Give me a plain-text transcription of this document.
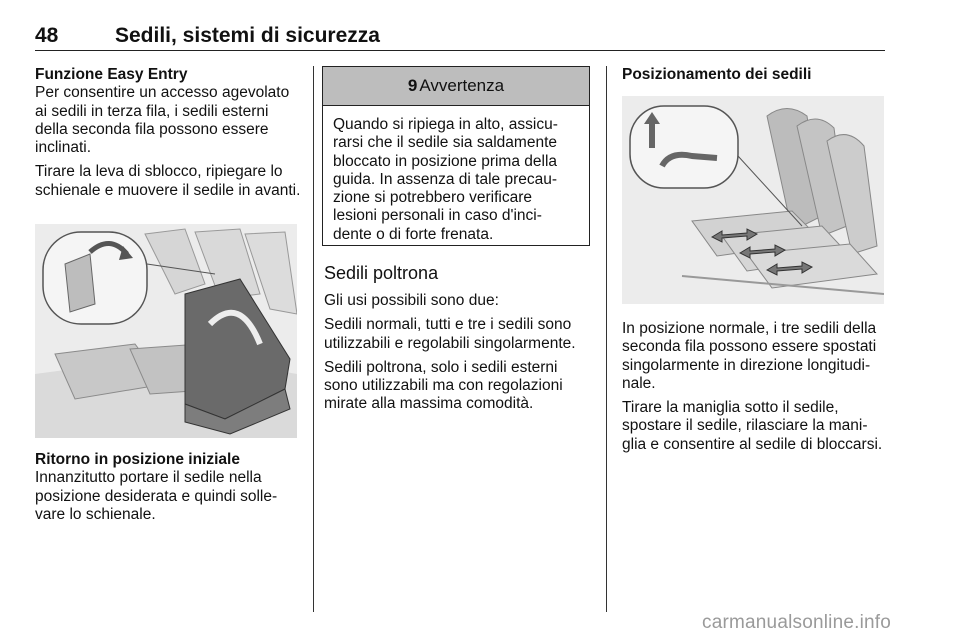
48	Sedili, sistemi di sicurezza
Funzione Easy Entry

Per consentire un accesso agevolato ai sedili in terza fila, i sedili esterni della seconda fila possono essere inclinati.

Tirare la leva di sblocco, ripiegare lo schienale e muovere il sedile in avanti.

Ritorno in posizione iniziale

Innanzitutto portare il sedile nella posizione desiderata e quindi solle-vare lo schienale.

9 Avvertenza
Quando si ripiega in alto, assicu-rarsi che il sedile sia saldamente bloccato in posizione prima della guida. In assenza di tale precau-zione si potrebbero verificare lesioni personali in caso d'inci-dente o di forte frenata.
Sedili poltrona

Gli usi possibili sono due:

Sedili normali, tutti e tre i sedili sono utilizzabili e regolabili singolarmente.

Sedili poltrona, solo i sedili esterni sono utilizzabili ma con regolazioni mirate alla massima comodità.

Posizionamento dei sedili

In posizione normale, i tre sedili della seconda fila possono essere spostati singolarmente in direzione longitudi-nale.

Tirare la maniglia sotto il sedile, spostare il sedile, rilasciare la mani-glia e consentire al sedile di bloccarsi.

carmanualsonline.info
